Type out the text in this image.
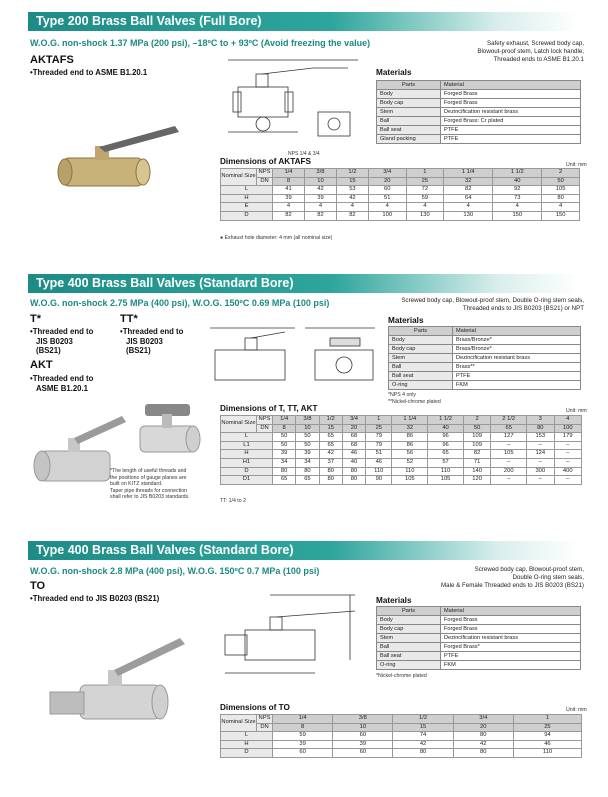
Type 200 Brass Ball Valves (Full Bore)
W.O.G. non-shock 1.37 MPa (200 psi), –18ºC to + 93ºC (Avoid freezing the value)	Safety exhaust, Screwed body cap,
Blowout-proof stem, Latch lock handle,
Threaded ends to ASME B1.20.1
AKTAFS
•Threaded end to ASME B1.20.1
NPS 1/4 & 3/4
Materials
Parts	Material
Body	Forged Brass
Body cap	Forged Brass
Stem	Dezincification resistant brass
Ball	Forged Brass: Cr plated
Ball seat	PTFE
Gland packing	PTFE
Dimensions of AKTAFS	Unit: mm
Nominal Size	NPS	1/4	3/8	1/2	3/4	1	1 1/4	1 1/2	2
	DN	8	10	15	20	25	32	40	50
L		41	42	53	60	72	82	92	105
H		39	39	42	51	59	64	73	80
E		4	4	4	4	4	4	4	4
D		82	82	82	100	130	130	150	150
● Exhaust hole diameter: 4 mm (all nominal size)
Type 400 Brass Ball Valves (Standard Bore)
W.O.G. non-shock 2.75 MPa (400 psi), W.O.G. 150ºC 0.69 MPa (100 psi)	Screwed body cap, Blowout-proof stem, Double O-ring stem seals,
Threaded ends to JIS B0203 (BS21) or NPT
T*
•Threaded end to
JIS B0203
(BS21)
TT*
•Threaded end to
JIS B0203
(BS21)
AKT
•Threaded end to
ASME B1.20.1
*The length of useful threads and
the positions of gauge planes are
built on KITZ standard.
Taper pipe threads for connection
shall refer to JIS B0203 standards.
Materials
Parts	Material
Body	Brass/Bronze*
Body cap	Brass/Bronze*
Stem	Dezincification resistant brass
Ball	Brass**
Ball seat	PTFE
O-ring	FKM
*NPS 4 only
**Nickel-chrome plated
Dimensions of T, TT, AKT	Unit: mm
Nominal Size	NPS	1/4	3/8	1/2	3/4	1	1 1/4	1 1/2	2	2 1/2	3	4
	DN	8	10	15	20	25	32	40	50	65	80	100
L		50	50	65	68	79	86	96	109	127	153	179
L1		50	50	65	68	79	86	96	109	–	–	–
H		39	39	42	46	51	56	65	82	105	124	–
H1		34	34	37	40	46	52	57	71	–	–	–
D		80	80	80	80	110	110	110	140	200	300	400
D1		65	65	80	80	90	105	105	120	–	–	–
TT: 1/4 to 2
Type 400 Brass Ball Valves (Standard Bore)
W.O.G. non-shock 2.8 MPa (400 psi), W.O.G. 150ºC 0.7 MPa (100 psi)	Screwed body cap, Blowout-proof stem,
Double O-ring stem seals,
Male & Female Threaded ends to JIS B0203 (BS21)
TO
•Threaded end to JIS B0203 (BS21)	Materials
Parts	Material
Body	Forged Brass
Body cap	Forged Brass
Stem	Dezincification resistant brass
Ball	Forged Brass*
Ball seat	PTFE
O-ring	FKM
*Nickel-chrome plated
Dimensions of TO	Unit: mm
Nominal Size	NPS	1/4	3/8	1/2	3/4	1
	DN	8	10	15	20	25
L		59	60	74	80	94
H		39	39	42	42	46
D		60	60	80	80	110
